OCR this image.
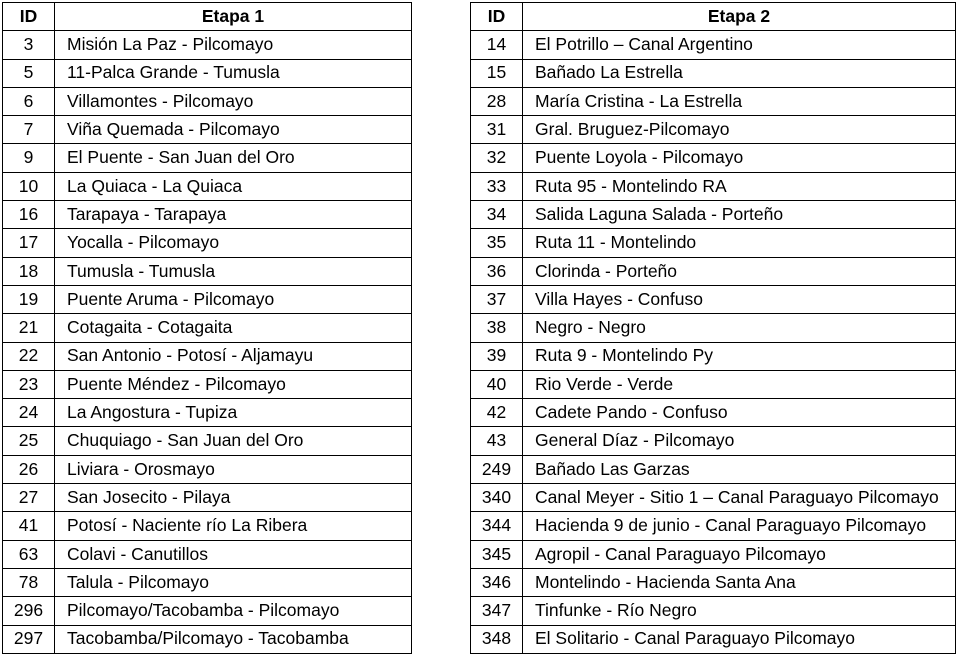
ID	Etapa 1
3	Misión La Paz - Pilcomayo
5	11-Palca Grande - Tumusla
6	Villamontes - Pilcomayo
7	Viña Quemada - Pilcomayo
9	El Puente - San Juan del Oro
10	La Quiaca - La Quiaca
16	Tarapaya - Tarapaya
17	Yocalla - Pilcomayo
18	Tumusla - Tumusla
19	Puente Aruma - Pilcomayo
21	Cotagaita - Cotagaita
22	San Antonio - Potosí - Aljamayu
23	Puente Méndez - Pilcomayo
24	La Angostura - Tupiza
25	Chuquiago - San Juan del Oro
26	Liviara - Orosmayo
27	San Josecito - Pilaya
41	Potosí - Naciente río La Ribera
63	Colavi - Canutillos
78	Talula - Pilcomayo
296	Pilcomayo/Tacobamba - Pilcomayo
297	Tacobamba/Pilcomayo - Tacobamba
ID	Etapa 2
14	El Potrillo – Canal Argentino
15	Bañado La Estrella
28	María Cristina - La Estrella
31	Gral. Bruguez-Pilcomayo
32	Puente Loyola - Pilcomayo
33	Ruta 95 - Montelindo RA
34	Salida Laguna Salada - Porteño
35	Ruta 11 - Montelindo
36	Clorinda - Porteño
37	Villa Hayes - Confuso
38	Negro - Negro
39	Ruta 9 - Montelindo Py
40	Rio Verde - Verde
42	Cadete Pando - Confuso
43	General Díaz - Pilcomayo
249	Bañado Las Garzas
340	Canal Meyer - Sitio 1 – Canal Paraguayo Pilcomayo
344	Hacienda 9 de junio - Canal Paraguayo Pilcomayo
345	Agropil - Canal Paraguayo Pilcomayo
346	Montelindo - Hacienda Santa Ana
347	Tinfunke - Río Negro
348	El Solitario - Canal Paraguayo Pilcomayo
